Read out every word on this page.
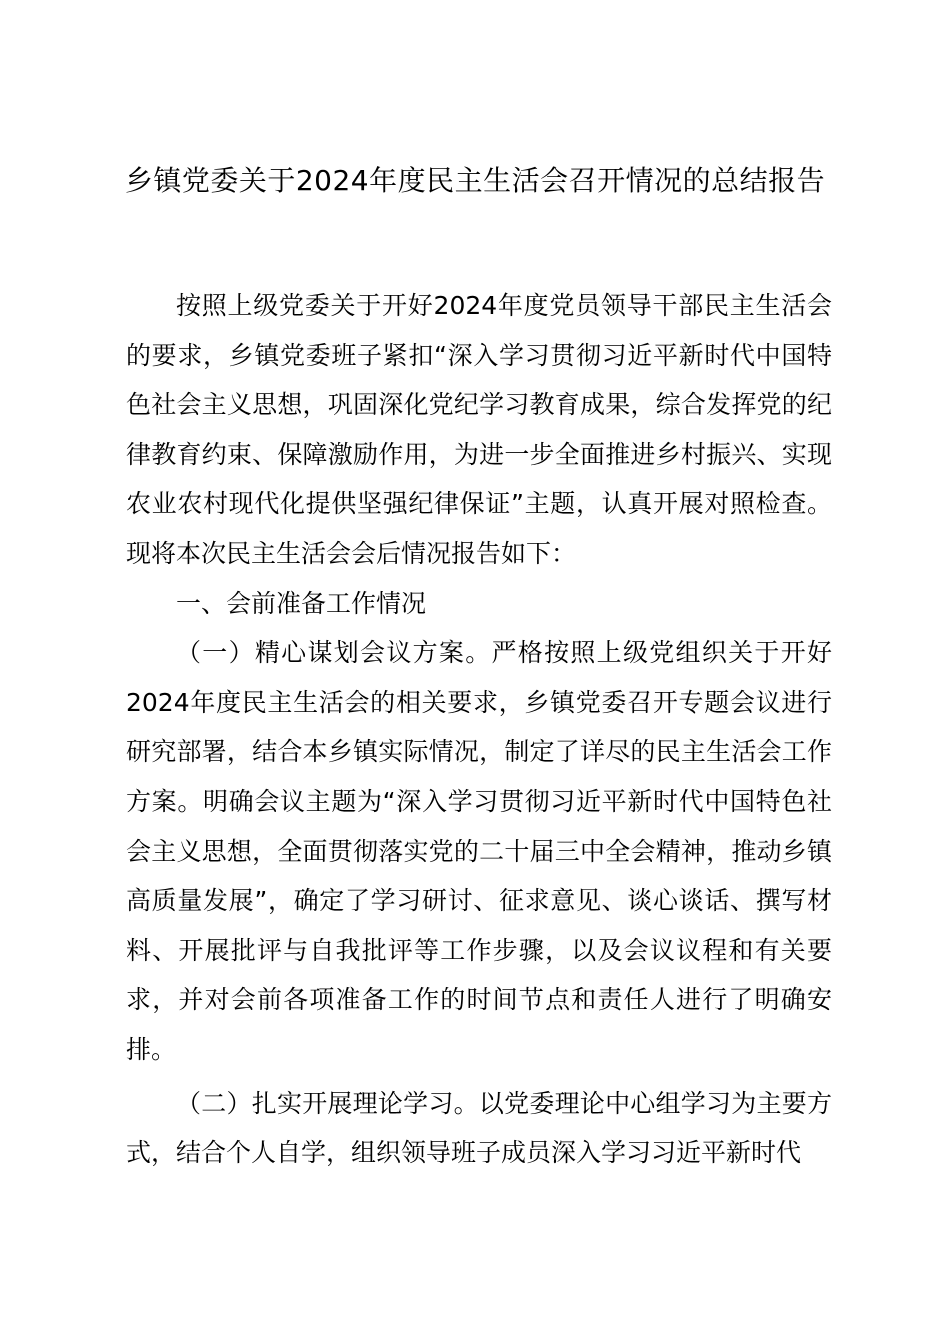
乡镇党委关于2024年度民主生活会召开情况的总结报告

按照上级党委关于开好2024年度党员领导干部民主生活会的要求，乡镇党委班子紧扣“深入学习贯彻习近平新时代中国特色社会主义思想，巩固深化党纪学习教育成果，综合发挥党的纪律教育约束、保障激励作用，为进一步全面推进乡村振兴、实现农业农村现代化提供坚强纪律保证”主题，认真开展对照检查。现将本次民主生活会会后情况报告如下：

一、会前准备工作情况

（一）精心谋划会议方案。严格按照上级党组织关于开好2024年度民主生活会的相关要求，乡镇党委召开专题会议进行研究部署，结合本乡镇实际情况，制定了详尽的民主生活会工作方案。明确会议主题为“深入学习贯彻习近平新时代中国特色社会主义思想，全面贯彻落实党的二十届三中全会精神，推动乡镇高质量发展”，确定了学习研讨、征求意见、谈心谈话、撰写材料、开展批评与自我批评等工作步骤，以及会议议程和有关要求，并对会前各项准备工作的时间节点和责任人进行了明确安排。

（二）扎实开展理论学习。以党委理论中心组学习为主要方式，结合个人自学，组织领导班子成员深入学习习近平新时代
